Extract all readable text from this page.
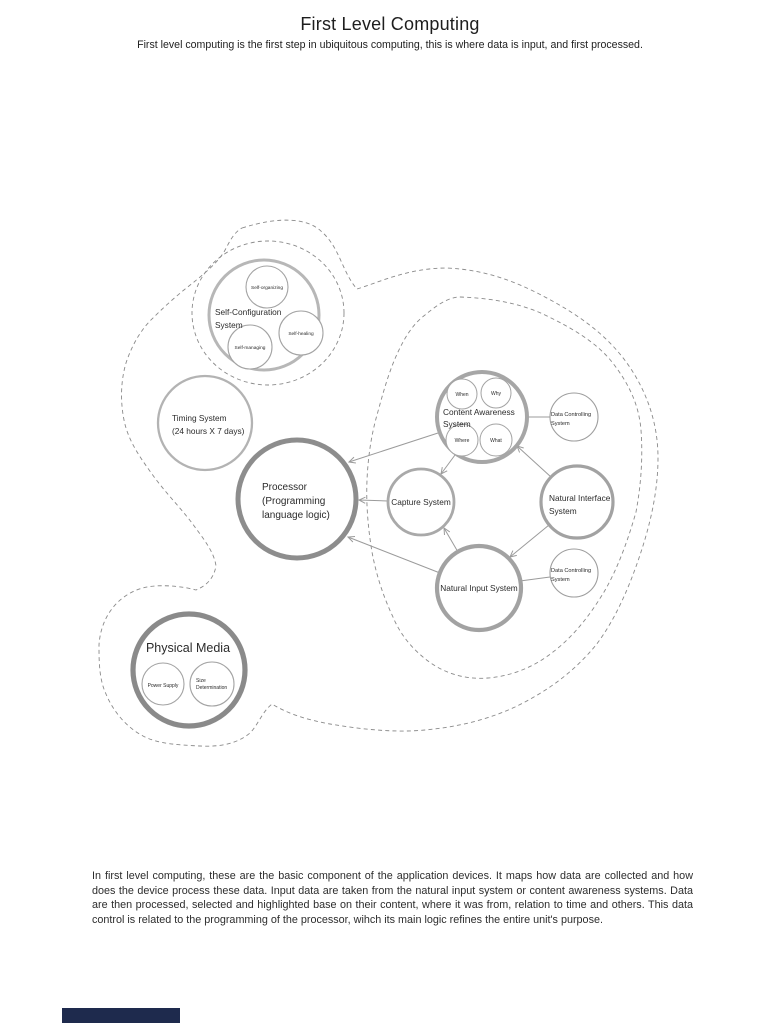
First Level Computing
First level computing is the first step in ubiquitous computing, this is where data is input, and first processed.
Self-Configuration
System
Self-organizing
Self-healing
Self-managing
Timing System
(24 hours X 7 days)
Processor
(Programming
language logic)
Content Awareness
System
When	Why
Where	What
Data Controlling
System
Capture System	Natural Interface
System
Natural Input System
Data Controlling
System
Physical Media
Power Supply
Size
Determination
In first level computing, these are the basic component of the application devices. It maps how data are collected and how does the device process these data. Input data are taken from the natural input system or content awareness systems. Data are then processed, selected and highlighted base on their content, where it was from, relation to time and others. This data control is related to the programming of the processor, wihch its main logic refines the entire unit's purpose.
